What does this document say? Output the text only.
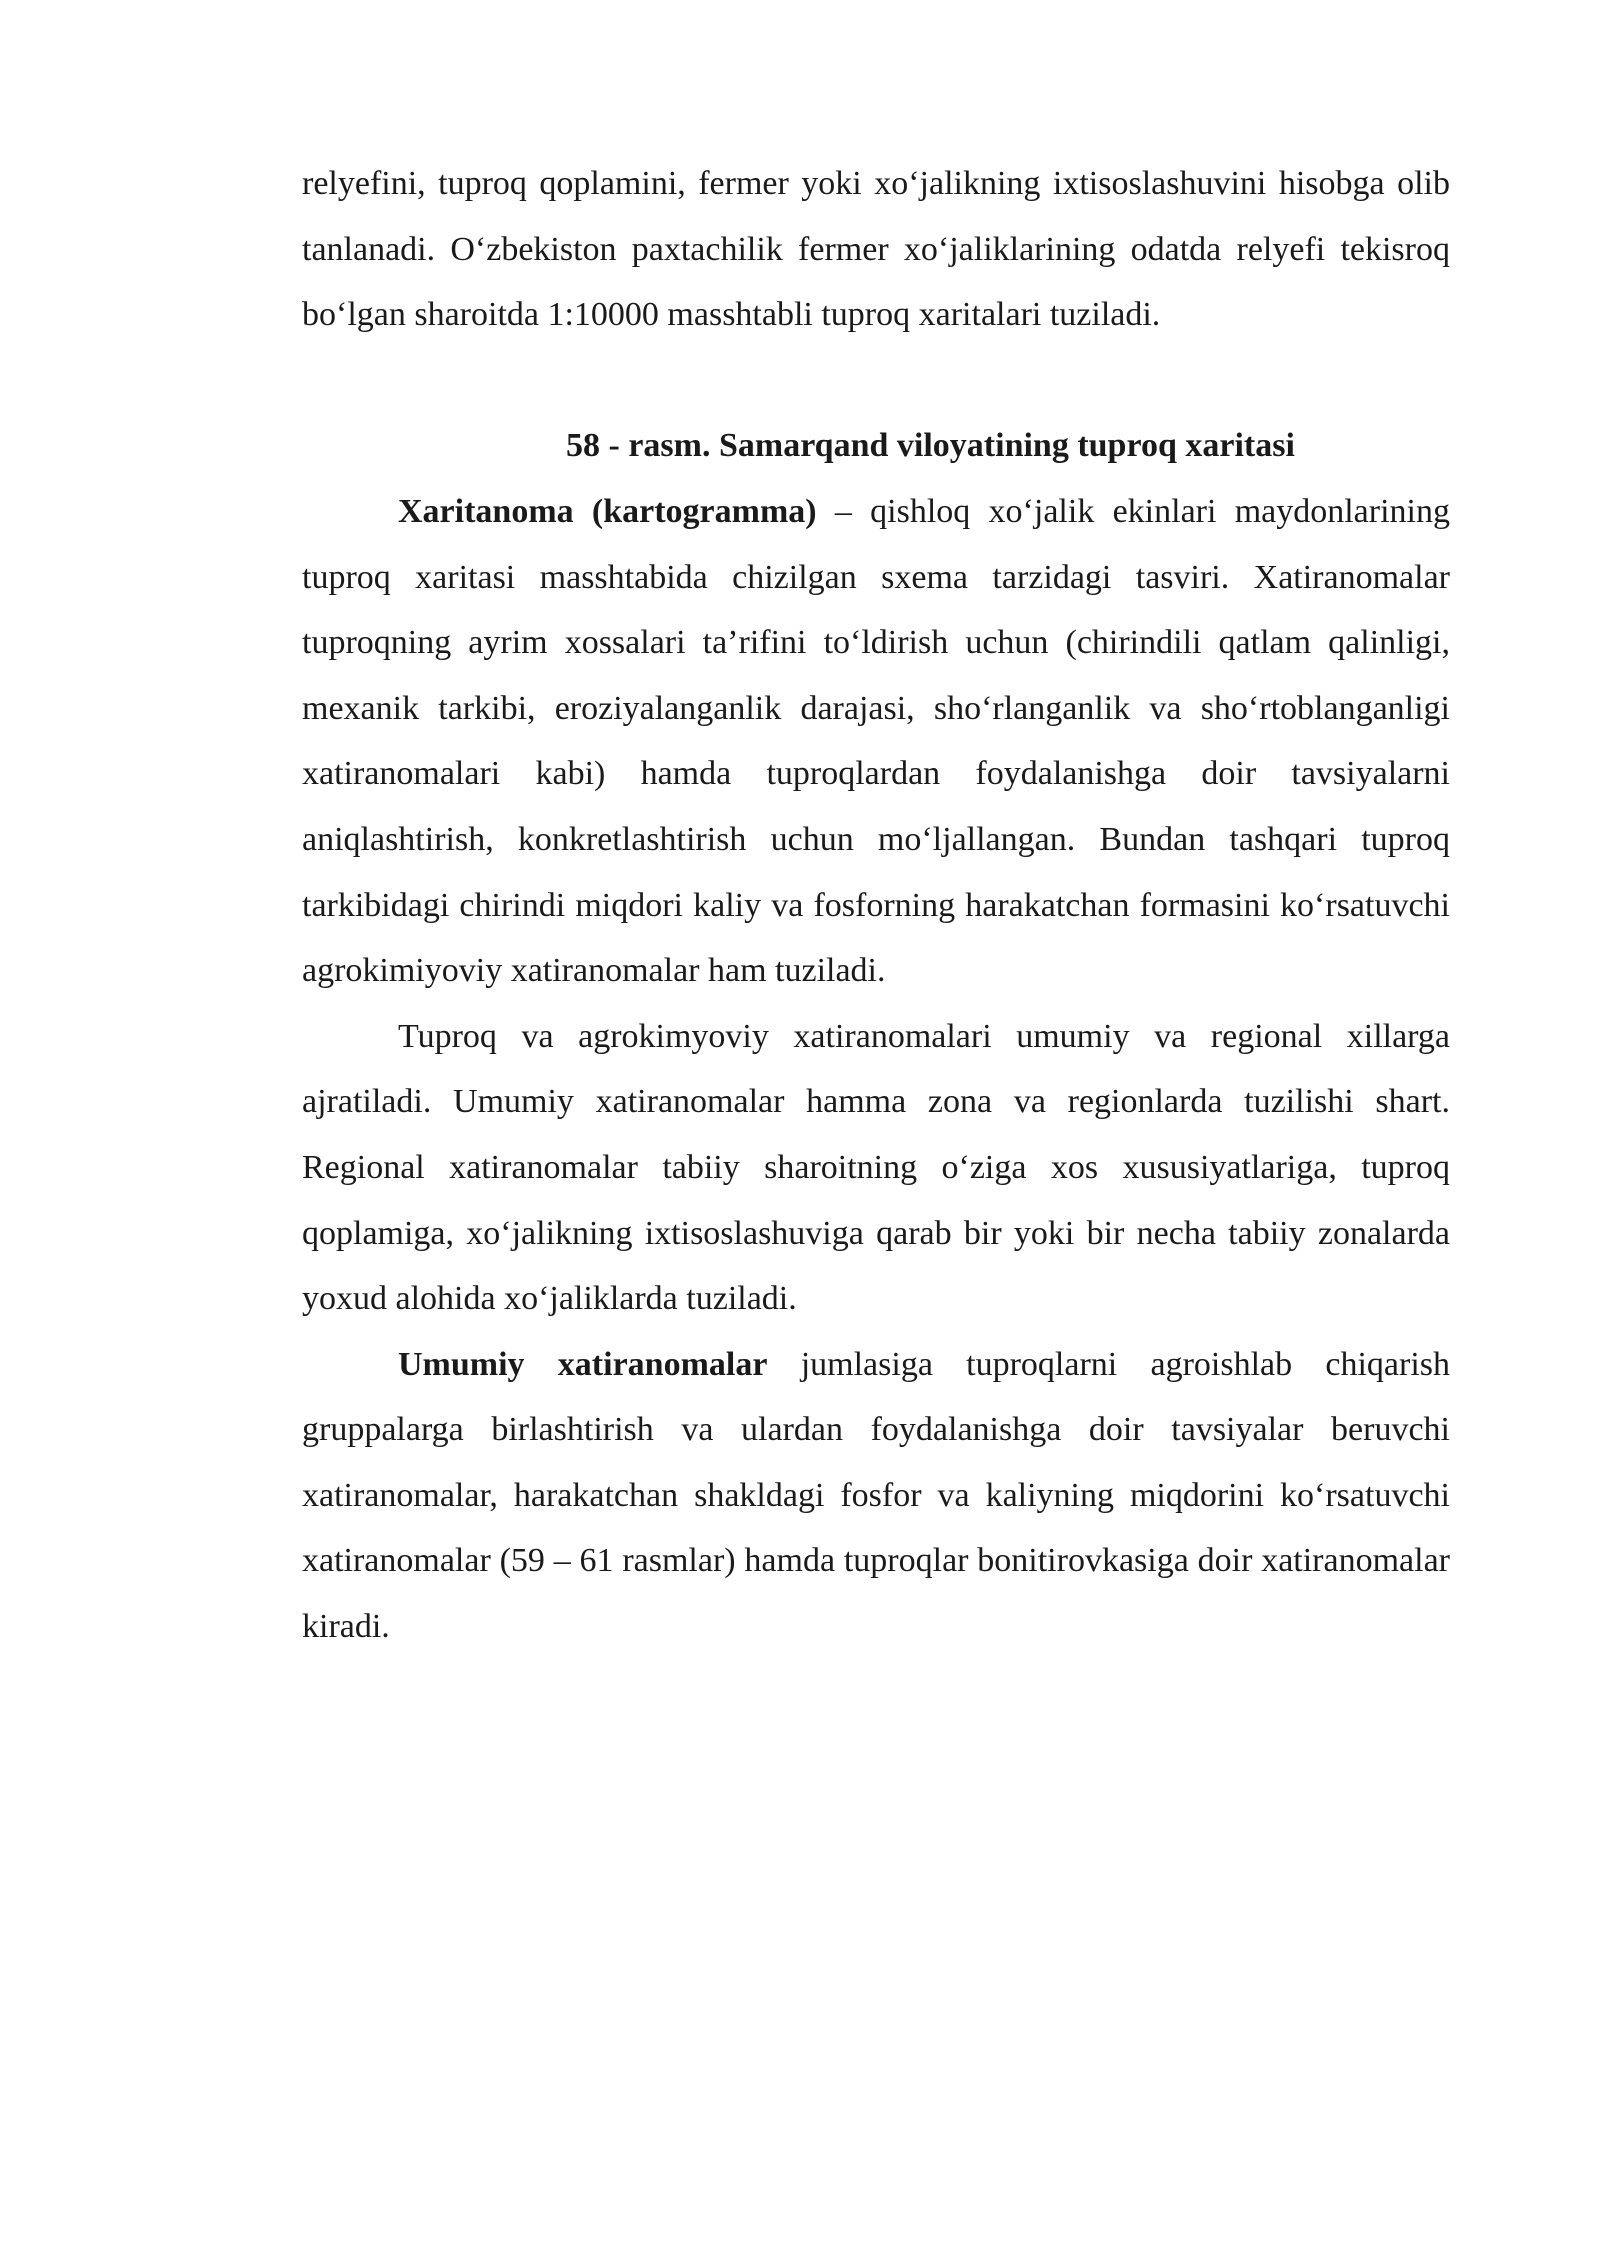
relyefini, tuproq qoplamini, fermer yoki xo‘jalikning ixtisoslashuvini hisobga olib tanlanadi. O‘zbekiston paxtachilik fermer xo‘jaliklarining odatda relyefi tekisroq bo‘lgan sharoitda 1:10000 masshtabli tuproq xaritalari tuziladi.

58 - rasm. Samarqand viloyatining tuproq xaritasi

Xaritanoma (kartogramma) – qishloq xo‘jalik ekinlari maydonlarining tuproq xaritasi masshtabida chizilgan sxema tarzidagi tasviri. Xatiranomalar tuproqning ayrim xossalari ta’rifini to‘ldirish uchun (chirindili qatlam qalinligi, mexanik tarkibi, eroziyalanganlik darajasi, sho‘rlanganlik va sho‘rtoblanganligi xatiranomalari kabi) hamda tuproqlardan foydalanishga doir tavsiyalarni aniqlashtirish, konkretlashtirish uchun mo‘ljallangan. Bundan tashqari tuproq tarkibidagi chirindi miqdori kaliy va fosforning harakatchan formasini ko‘rsatuvchi agrokimiyoviy xatiranomalar ham tuziladi.

Tuproq va agrokimyoviy xatiranomalari umumiy va regional xillarga ajratiladi. Umumiy xatiranomalar hamma zona va regionlarda tuzilishi shart. Regional xatiranomalar tabiiy sharoitning o‘ziga xos xususiyatlariga, tuproq qoplamiga, xo‘jalikning ixtisoslashuviga qarab bir yoki bir necha tabiiy zonalarda yoxud alohida xo‘jaliklarda tuziladi.

Umumiy xatiranomalar jumlasiga tuproqlarni agroishlab chiqarish gruppalarga birlashtirish va ulardan foydalanishga doir tavsiyalar beruvchi xatiranomalar, harakatchan shakldagi fosfor va kaliyning miqdorini ko‘rsatuvchi xatiranomalar (59 – 61 rasmlar) hamda tuproqlar bonitirovkasiga doir xatiranomalar kiradi.
